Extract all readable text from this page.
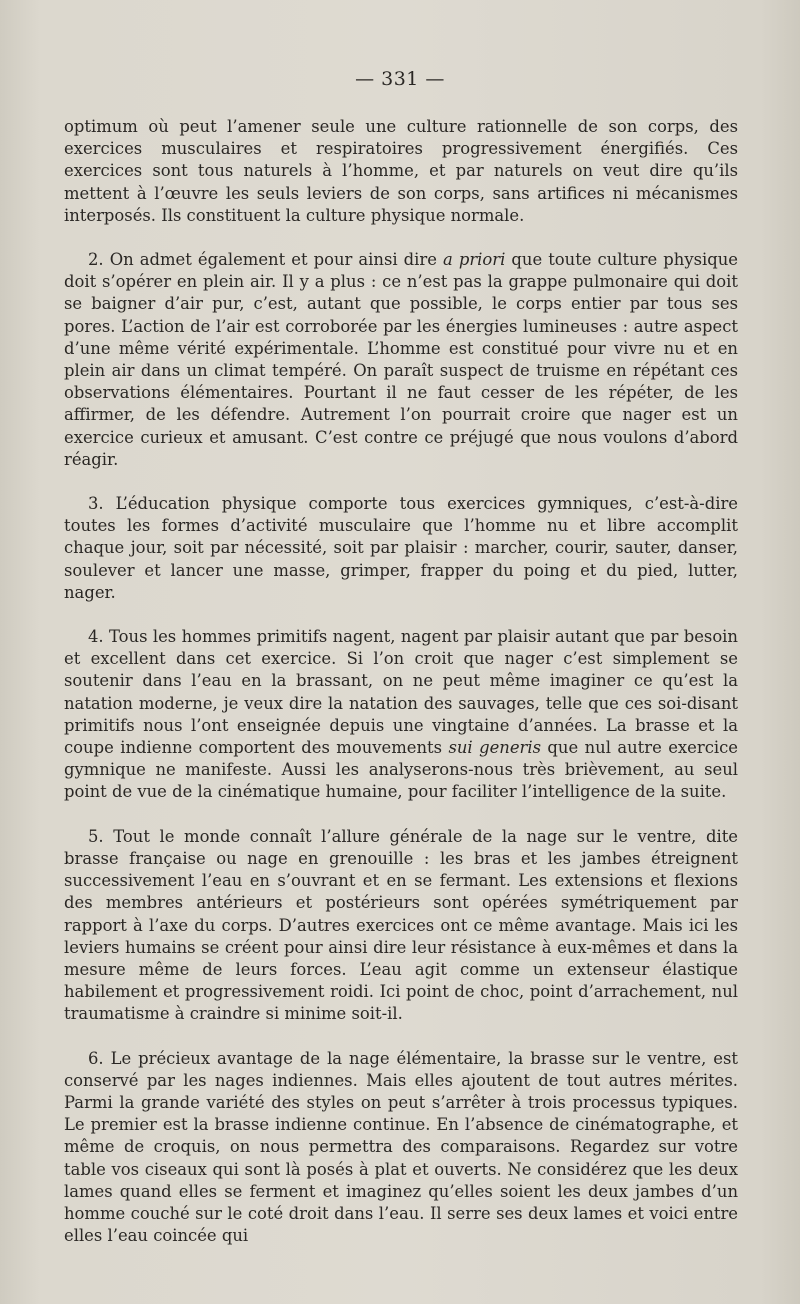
— 331 —

optimum où peut l’amener seule une culture rationnelle de son corps, des exercices musculaires et respiratoires progressivement énergifiés. Ces exercices sont tous naturels à l’homme, et par naturels on veut dire qu’ils mettent à l’œuvre les seuls leviers de son corps, sans artifices ni mécanismes interposés. Ils constituent la culture physique normale.

2. On admet également et pour ainsi dire a priori que toute culture physique doit s’opérer en plein air. Il y a plus : ce n’est pas la grappe pulmonaire qui doit se baigner d’air pur, c’est, autant que possible, le corps entier par tous ses pores. L’action de l’air est corroborée par les énergies lumineuses : autre aspect d’une même vérité expérimentale. L’homme est constitué pour vivre nu et en plein air dans un climat tempéré. On paraît suspect de truisme en répétant ces observations élémentaires. Pourtant il ne faut cesser de les répéter, de les affirmer, de les défendre. Autrement l’on pourrait croire que nager est un exercice curieux et amusant. C’est contre ce préjugé que nous voulons d’abord réagir.

3. L’éducation physique comporte tous exercices gymniques, c’est-à-dire toutes les formes d’activité musculaire que l’homme nu et libre accomplit chaque jour, soit par nécessité, soit par plaisir : marcher, courir, sauter, danser, soulever et lancer une masse, grimper, frapper du poing et du pied, lutter, nager.

4. Tous les hommes primitifs nagent, nagent par plaisir autant que par besoin et excellent dans cet exercice. Si l’on croit que nager c’est simplement se soutenir dans l’eau en la brassant, on ne peut même imaginer ce qu’est la natation moderne, je veux dire la natation des sauvages, telle que ces soi-disant primitifs nous l’ont enseignée depuis une vingtaine d’années. La brasse et la coupe indienne comportent des mouvements sui generis que nul autre exercice gymnique ne manifeste. Aussi les analyserons-nous très brièvement, au seul point de vue de la cinématique humaine, pour faciliter l’intelligence de la suite.

5. Tout le monde connaît l’allure générale de la nage sur le ventre, dite brasse française ou nage en grenouille : les bras et les jambes étreignent successivement l’eau en s’ouvrant et en se fermant. Les extensions et flexions des membres antérieurs et postérieurs sont opérées symétriquement par rapport à l’axe du corps. D’autres exercices ont ce même avantage. Mais ici les leviers humains se créent pour ainsi dire leur résistance à eux-mêmes et dans la mesure même de leurs forces. L’eau agit comme un extenseur élastique habilement et progressivement roidi. Ici point de choc, point d’arrachement, nul traumatisme à craindre si minime soit-il.

6. Le précieux avantage de la nage élémentaire, la brasse sur le ventre, est conservé par les nages indiennes. Mais elles ajoutent de tout autres mérites. Parmi la grande variété des styles on peut s’arrêter à trois processus typiques. Le premier est la brasse indienne continue. En l’absence de cinématographe, et même de croquis, on nous permettra des comparaisons. Regardez sur votre table vos ciseaux qui sont là posés à plat et ouverts. Ne considérez que les deux lames quand elles se ferment et imaginez qu’elles soient les deux jambes d’un homme couché sur le coté droit dans l’eau. Il serre ses deux lames et voici entre elles l’eau coincée qui
